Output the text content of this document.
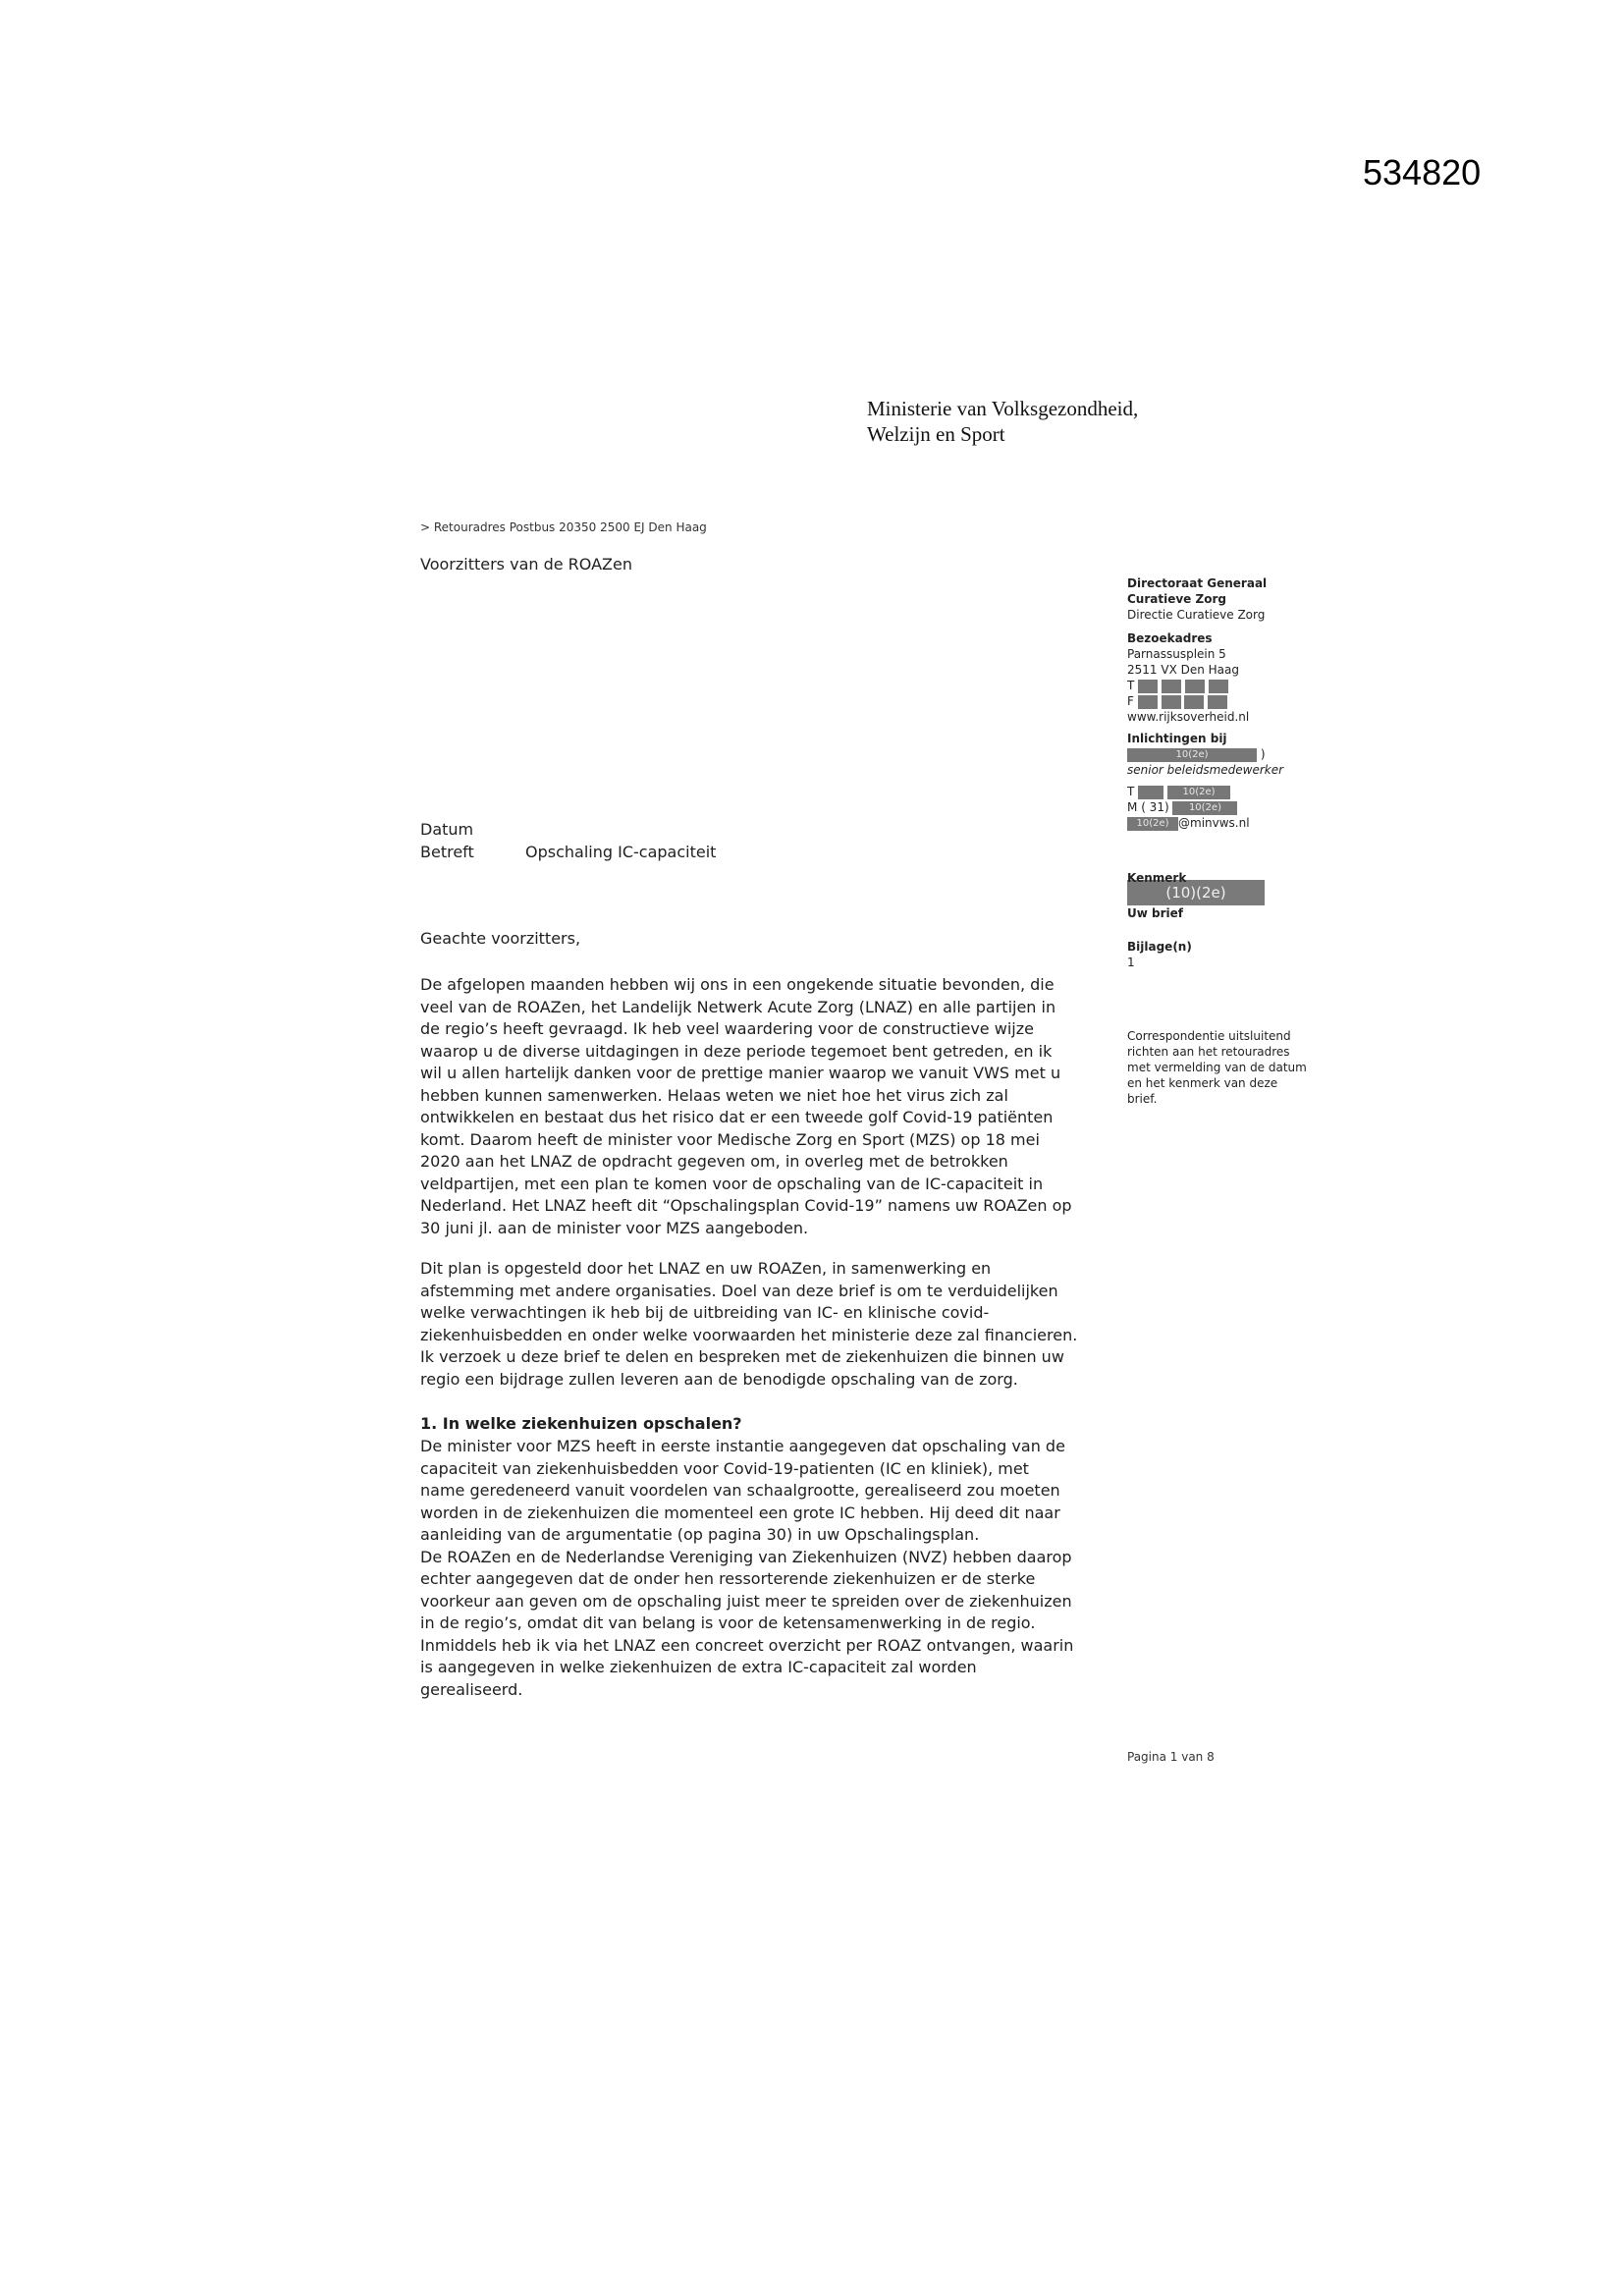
534820
Ministerie van Volksgezondheid,
Welzijn en Sport
> Retouradres Postbus 20350 2500 EJ Den Haag
Voorzitters van de ROAZen
Directoraat Generaal
Curatieve Zorg
Directie Curatieve Zorg
Bezoekadres
Parnassusplein 5
2511 VX Den Haag
T
F
www.rijksoverheid.nl
Inlichtingen bij
10(2e)	)
senior beleidsmedewerker
T	10(2e)
M ( 31) 10(2e)
10(2e) @minvws.nl
Kenmerk
(10)(2e)
Uw brief
Bijlage(n)
1
Correspondentie uitsluitend
richten aan het retouradres
met vermelding van de datum
en het kenmerk van deze
brief.
Datum
Betreft	Opschaling IC-capaciteit
Geachte voorzitters,
De afgelopen maanden hebben wij ons in een ongekende situatie bevonden, die
veel van de ROAZen, het Landelijk Netwerk Acute Zorg (LNAZ) en alle partijen in
de regio’s heeft gevraagd. Ik heb veel waardering voor de constructieve wijze
waarop u de diverse uitdagingen in deze periode tegemoet bent getreden, en ik
wil u allen hartelijk danken voor de prettige manier waarop we vanuit VWS met u
hebben kunnen samenwerken. Helaas weten we niet hoe het virus zich zal
ontwikkelen en bestaat dus het risico dat er een tweede golf Covid-19 patiënten
komt. Daarom heeft de minister voor Medische Zorg en Sport (MZS) op 18 mei
2020 aan het LNAZ de opdracht gegeven om, in overleg met de betrokken
veldpartijen, met een plan te komen voor de opschaling van de IC-capaciteit in
Nederland. Het LNAZ heeft dit “Opschalingsplan Covid-19” namens uw ROAZen op
30 juni jl. aan de minister voor MZS aangeboden.
Dit plan is opgesteld door het LNAZ en uw ROAZen, in samenwerking en
afstemming met andere organisaties. Doel van deze brief is om te verduidelijken
welke verwachtingen ik heb bij de uitbreiding van IC- en klinische covid-
ziekenhuisbedden en onder welke voorwaarden het ministerie deze zal financieren.
Ik verzoek u deze brief te delen en bespreken met de ziekenhuizen die binnen uw
regio een bijdrage zullen leveren aan de benodigde opschaling van de zorg.
1. In welke ziekenhuizen opschalen?
De minister voor MZS heeft in eerste instantie aangegeven dat opschaling van de
capaciteit van ziekenhuisbedden voor Covid-19-patienten (IC en kliniek), met
name geredeneerd vanuit voordelen van schaalgrootte, gerealiseerd zou moeten
worden in de ziekenhuizen die momenteel een grote IC hebben. Hij deed dit naar
aanleiding van de argumentatie (op pagina 30) in uw Opschalingsplan.
De ROAZen en de Nederlandse Vereniging van Ziekenhuizen (NVZ) hebben daarop
echter aangegeven dat de onder hen ressorterende ziekenhuizen er de sterke
voorkeur aan geven om de opschaling juist meer te spreiden over de ziekenhuizen
in de regio’s, omdat dit van belang is voor de ketensamenwerking in de regio.
Inmiddels heb ik via het LNAZ een concreet overzicht per ROAZ ontvangen, waarin
is aangegeven in welke ziekenhuizen de extra IC-capaciteit zal worden
gerealiseerd.
Pagina 1 van 8
